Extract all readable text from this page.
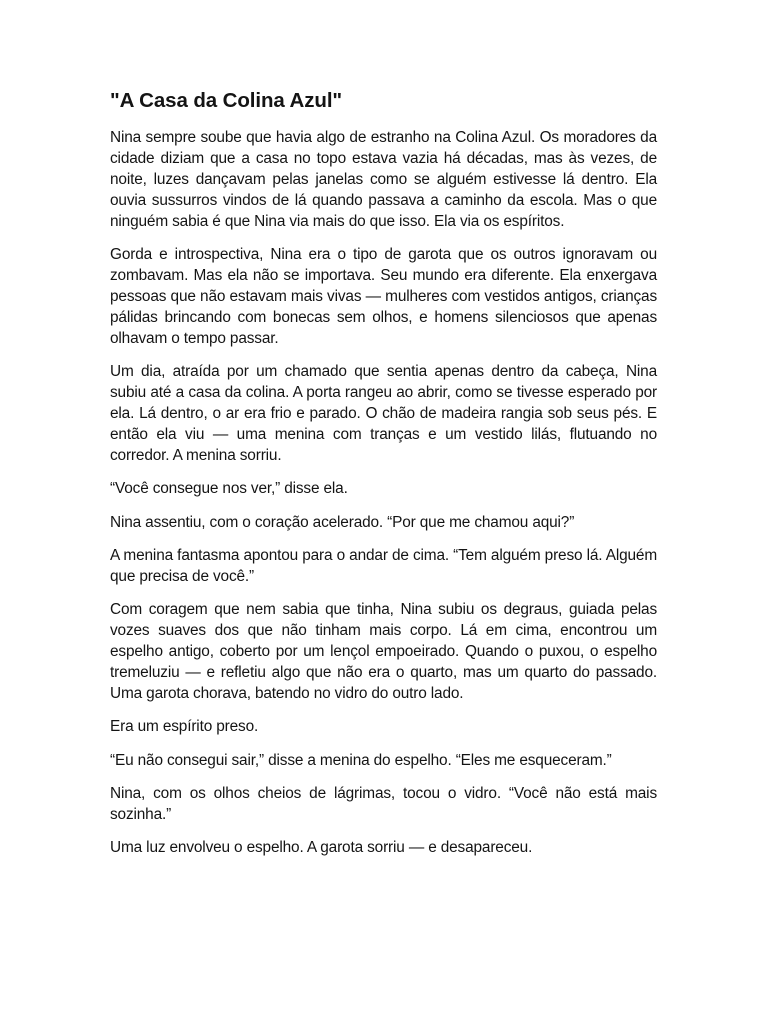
"A Casa da Colina Azul"

Nina sempre soube que havia algo de estranho na Colina Azul. Os moradores da cidade diziam que a casa no topo estava vazia há décadas, mas às vezes, de noite, luzes dançavam pelas janelas como se alguém estivesse lá dentro. Ela ouvia sussurros vindos de lá quando passava a caminho da escola. Mas o que ninguém sabia é que Nina via mais do que isso. Ela via os espíritos.

Gorda e introspectiva, Nina era o tipo de garota que os outros ignoravam ou zombavam. Mas ela não se importava. Seu mundo era diferente. Ela enxergava pessoas que não estavam mais vivas — mulheres com vestidos antigos, crianças pálidas brincando com bonecas sem olhos, e homens silenciosos que apenas olhavam o tempo passar.

Um dia, atraída por um chamado que sentia apenas dentro da cabeça, Nina subiu até a casa da colina. A porta rangeu ao abrir, como se tivesse esperado por ela. Lá dentro, o ar era frio e parado. O chão de madeira rangia sob seus pés. E então ela viu — uma menina com tranças e um vestido lilás, flutuando no corredor. A menina sorriu.

“Você consegue nos ver,” disse ela.

Nina assentiu, com o coração acelerado. “Por que me chamou aqui?”

A menina fantasma apontou para o andar de cima. “Tem alguém preso lá. Alguém que precisa de você.”

Com coragem que nem sabia que tinha, Nina subiu os degraus, guiada pelas vozes suaves dos que não tinham mais corpo. Lá em cima, encontrou um espelho antigo, coberto por um lençol empoeirado. Quando o puxou, o espelho tremeluziu — e refletiu algo que não era o quarto, mas um quarto do passado. Uma garota chorava, batendo no vidro do outro lado.

Era um espírito preso.

“Eu não consegui sair,” disse a menina do espelho. “Eles me esqueceram.”

Nina, com os olhos cheios de lágrimas, tocou o vidro. “Você não está mais sozinha.”

Uma luz envolveu o espelho. A garota sorriu — e desapareceu.
